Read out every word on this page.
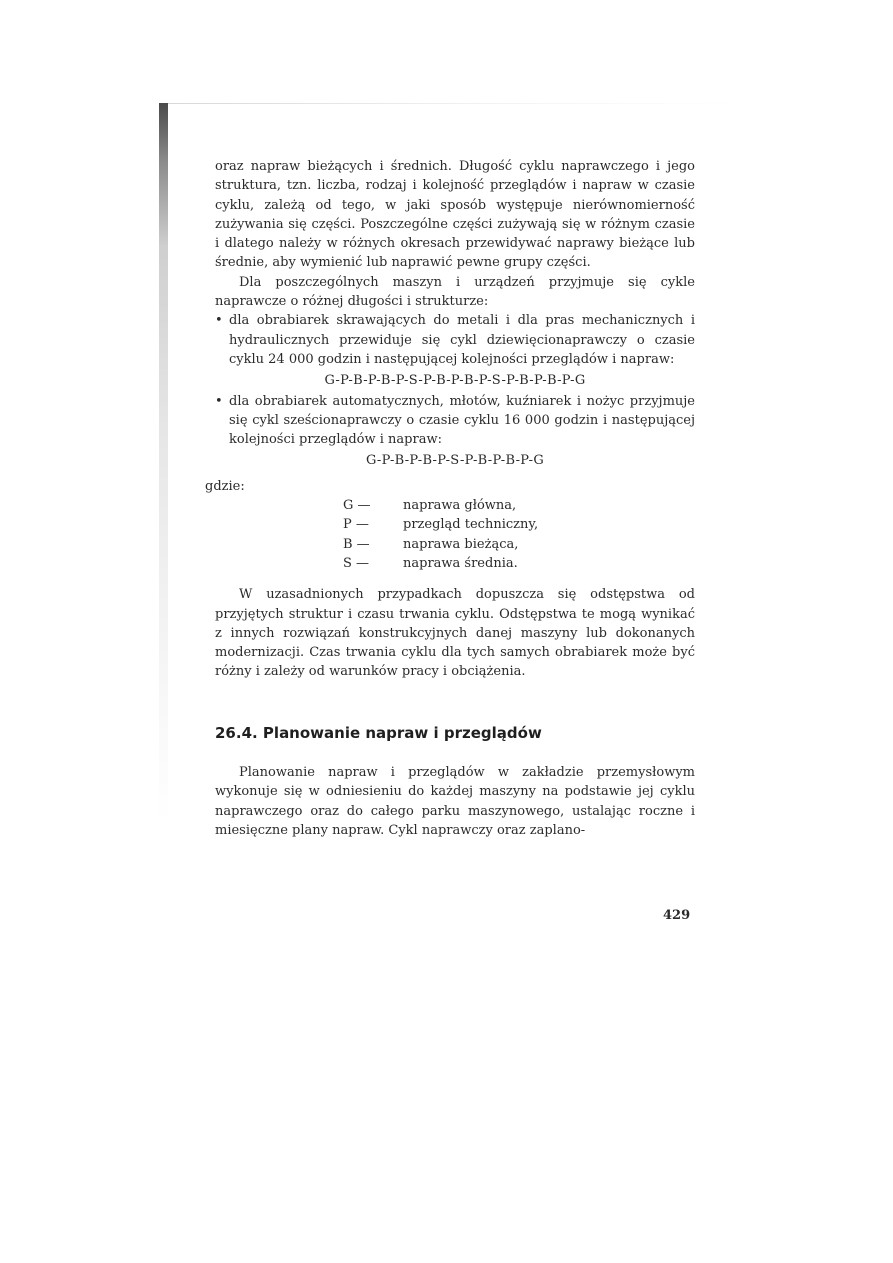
oraz napraw bieżących i średnich. Długość cyklu naprawczego i jego struktura, tzn. liczba, rodzaj i kolejność przeglądów i napraw w czasie cyklu, zależą od tego, w jaki sposób występuje nierównomierność zużywania się części. Poszczególne części zużywają się w różnym czasie i dlatego należy w różnych okresach przewidywać naprawy bieżące lub średnie, aby wymienić lub naprawić pewne grupy części.

Dla poszczególnych maszyn i urządzeń przyjmuje się cykle naprawcze o różnej długości i strukturze:

• dla obrabiarek skrawających do metali i dla pras mechanicznych i hydraulicznych przewiduje się cykl dziewięcionaprawczy o czasie cyklu 24 000 godzin i następującej kolejności przeglądów i napraw:
G-P-B-P-B-P-S-P-B-P-B-P-S-P-B-P-B-P-G
• dla obrabiarek automatycznych, młotów, kuźniarek i nożyc przyjmuje się cykl sześcionaprawczy o czasie cyklu 16 000 godzin i następującej kolejności przeglądów i napraw:
G-P-B-P-B-P-S-P-B-P-B-P-G
gdzie:
G —	naprawa główna,
P —	przegląd techniczny,
B —	naprawa bieżąca,
S —	naprawa średnia.

W uzasadnionych przypadkach dopuszcza się odstępstwa od przyjętych struktur i czasu trwania cyklu. Odstępstwa te mogą wynikać z innych rozwiązań konstrukcyjnych danej maszyny lub dokonanych modernizacji. Czas trwania cyklu dla tych samych obrabiarek może być różny i zależy od warunków pracy i obciążenia.

26.4. Planowanie napraw i przeglądów

Planowanie napraw i przeglądów w zakładzie przemysłowym wykonuje się w odniesieniu do każdej maszyny na podstawie jej cyklu naprawczego oraz do całego parku maszynowego, ustalając roczne i miesięczne plany napraw. Cykl naprawczy oraz zaplano-

429
